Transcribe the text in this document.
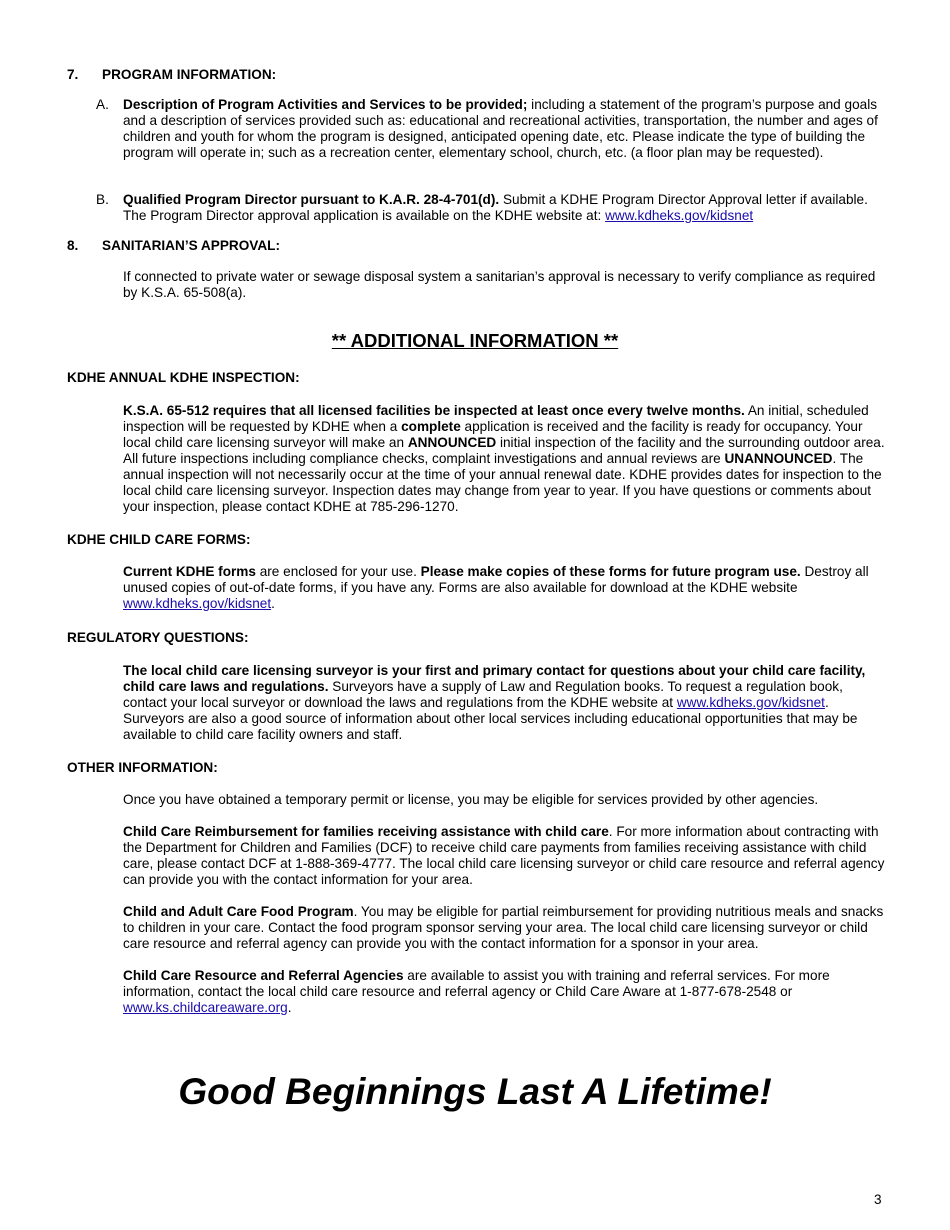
7. PROGRAM INFORMATION:
A. Description of Program Activities and Services to be provided; including a statement of the program’s purpose and goals and a description of services provided such as: educational and recreational activities, transportation, the number and ages of children and youth for whom the program is designed, anticipated opening date, etc. Please indicate the type of building the program will operate in; such as a recreation center, elementary school, church, etc. (a floor plan may be requested).

B. Qualified Program Director pursuant to K.A.R. 28-4-701(d). Submit a KDHE Program Director Approval letter if available. The Program Director approval application is available on the KDHE website at: www.kdheks.gov/kidsnet

8. SANITARIAN’S APPROVAL:

If connected to private water or sewage disposal system a sanitarian’s approval is necessary to verify compliance as required by K.S.A. 65-508(a).

** ADDITIONAL INFORMATION **
KDHE ANNUAL KDHE INSPECTION:

K.S.A. 65-512 requires that all licensed facilities be inspected at least once every twelve months. An initial, scheduled inspection will be requested by KDHE when a complete application is received and the facility is ready for occupancy. Your local child care licensing surveyor will make an ANNOUNCED initial inspection of the facility and the surrounding outdoor area. All future inspections including compliance checks, complaint investigations and annual reviews are UNANNOUNCED. The annual inspection will not necessarily occur at the time of your annual renewal date. KDHE provides dates for inspection to the local child care licensing surveyor. Inspection dates may change from year to year. If you have questions or comments about your inspection, please contact KDHE at 785-296-1270.

KDHE CHILD CARE FORMS:

Current KDHE forms are enclosed for your use. Please make copies of these forms for future program use. Destroy all unused copies of out-of-date forms, if you have any. Forms are also available for download at the KDHE website www.kdheks.gov/kidsnet.

REGULATORY QUESTIONS:

The local child care licensing surveyor is your first and primary contact for questions about your child care facility, child care laws and regulations. Surveyors have a supply of Law and Regulation books. To request a regulation book, contact your local surveyor or download the laws and regulations from the KDHE website at www.kdheks.gov/kidsnet. Surveyors are also a good source of information about other local services including educational opportunities that may be available to child care facility owners and staff.

OTHER INFORMATION:

Once you have obtained a temporary permit or license, you may be eligible for services provided by other agencies.

Child Care Reimbursement for families receiving assistance with child care. For more information about contracting with the Department for Children and Families (DCF) to receive child care payments from families receiving assistance with child care, please contact DCF at 1-888-369-4777. The local child care licensing surveyor or child care resource and referral agency can provide you with the contact information for your area.

Child and Adult Care Food Program. You may be eligible for partial reimbursement for providing nutritious meals and snacks to children in your care. Contact the food program sponsor serving your area. The local child care licensing surveyor or child care resource and referral agency can provide you with the contact information for a sponsor in your area.

Child Care Resource and Referral Agencies are available to assist you with training and referral services. For more information, contact the local child care resource and referral agency or Child Care Aware at 1-877-678-2548 or www.ks.childcareaware.org.

Good Beginnings Last A Lifetime!
3
